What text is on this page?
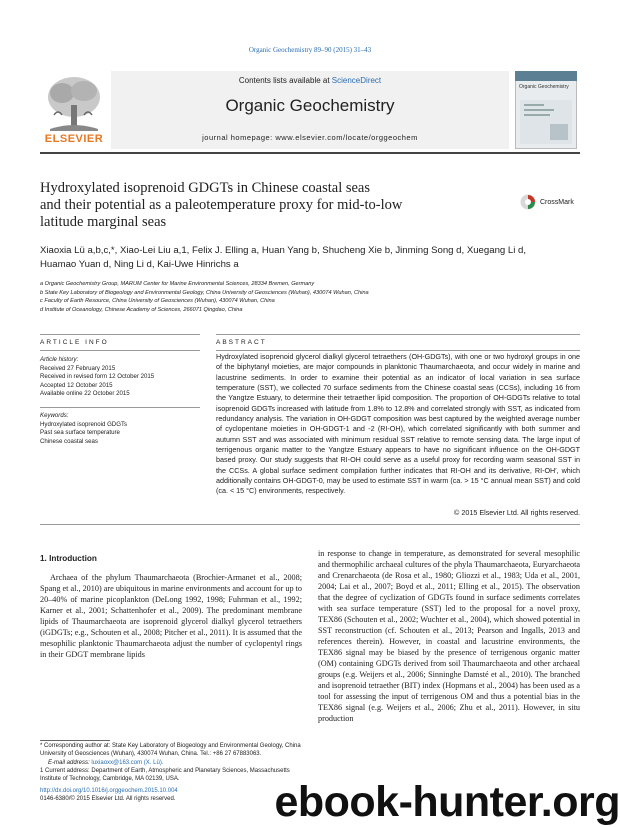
Organic Geochemistry 89–90 (2015) 31–43
Contents lists available at ScienceDirect
Organic Geochemistry
journal homepage: www.elsevier.com/locate/orggeochem
ELSEVIER
Organic Geochemistry
Hydroxylated isoprenoid GDGTs in Chinese coastal seas
and their potential as a paleotemperature proxy for mid-to-low
latitude marginal seas
CrossMark
Xiaoxia Lü a,b,c,*, Xiao-Lei Liu a,1, Felix J. Elling a, Huan Yang b, Shucheng Xie b, Jinming Song d, Xuegang Li d,
Huamao Yuan d, Ning Li d, Kai-Uwe Hinrichs a
a Organic Geochemistry Group, MARUM Center for Marine Environmental Sciences, 28334 Bremen, Germany
b State Key Laboratory of Biogeology and Environmental Geology, China University of Geosciences (Wuhan), 430074 Wuhan, China
c Faculty of Earth Resource, China University of Geosciences (Wuhan), 430074 Wuhan, China
d Institute of Oceanology, Chinese Academy of Sciences, 266071 Qingdao, China
ARTICLE INFO
Article history:
Received 27 February 2015
Received in revised form 12 October 2015
Accepted 12 October 2015
Available online 22 October 2015
Keywords:
Hydroxylated isoprenoid GDGTs
Past sea surface temperature
Chinese coastal seas
ABSTRACT
Hydroxylated isoprenoid glycerol dialkyl glycerol tetraethers (OH-GDGTs), with one or two hydroxyl groups in one of the biphytanyl moieties, are major compounds in planktonic Thaumarchaeota, and occur widely in marine and lacustrine sediments. In order to examine their potential as an indicator of local variation in sea surface temperature (SST), we collected 70 surface sediments from the Chinese coastal seas (CCSs), including 16 from the Yangtze Estuary, to determine their tetraether lipid composition. The proportion of OH-GDGTs relative to total isoprenoid GDGTs increased with latitude from 1.8% to 12.8% and correlated strongly with SST, as indicated from redundancy analysis. The variation in OH-GDGT composition was best captured by the weighted average number of cyclopentane moieties in OH-GDGT-1 and -2 (RI-OH), which correlated significantly with both summer and autumn SST and was associated with minimum residual SST relative to remote sensing data. The large input of terrigenous organic matter to the Yangtze Estuary appears to have no significant influence on the OH-GDGT based proxy. Our study suggests that RI-OH could serve as a useful proxy for recording warm seasonal SST in the CCSs. A global surface sediment compilation further indicates that RI-OH and its derivative, RI-OH′, which additionally contains OH-GDGT-0, may be used to estimate SST in warm (ca. > 15 °C annual mean SST) and cold (ca. < 15 °C) environments, respectively.
© 2015 Elsevier Ltd. All rights reserved.
1. Introduction
Archaea of the phylum Thaumarchaeota (Brochier-Armanet et al., 2008; Spang et al., 2010) are ubiquitous in marine environments and account for up to 20–40% of marine picoplankton (DeLong 1992, 1998; Fuhrman et al., 1992; Karner et al., 2001; Schattenhofer et al., 2009). The predominant membrane lipids of Thaumarchaeota are isoprenoid glycerol dialkyl glycerol tetraethers (iGDGTs; e.g., Schouten et al., 2008; Pitcher et al., 2011). It is assumed that the mesophilic planktonic Thaumarchaeota adjust the number of cyclopentyl rings in their GDGT membrane lipids
in response to change in temperature, as demonstrated for several mesophilic and thermophilic archaeal cultures of the phyla Thaumarchaeota, Euryarchaeota and Crenarchaeota (de Rosa et al., 1980; Gliozzi et al., 1983; Uda et al., 2001, 2004; Lai et al., 2007; Boyd et al., 2011; Elling et al., 2015). The observation that the degree of cyclization of GDGTs found in surface sediments correlates with sea surface temperature (SST) led to the proposal for a novel proxy, TEX86 (Schouten et al., 2002; Wuchter et al., 2004), which showed potential in SST reconstruction (cf. Schouten et al., 2013; Pearson and Ingalls, 2013 and references therein). However, in coastal and lacustrine environments, the TEX86 signal may be biased by the presence of terrigenous organic matter (OM) containing GDGTs derived from soil Thaumarchaeota and other archaeal groups (e.g. Weijers et al., 2006; Sinninghe Damsté et al., 2010). The branched and isoprenoid tetraether (BIT) index (Hopmans et al., 2004) has been used as a tool for assessing the input of terrigenous OM and thus a potential bias in the TEX86 signal (e.g. Weijers et al., 2006; Zhu et al., 2011). However, in situ production
* Corresponding author at: State Key Laboratory of Biogeology and Environmental Geology, China University of Geosciences (Wuhan), 430074 Wuhan, China. Tel.: +86 27 67883063.
E-mail address: luxiaoxx@163.com (X. Lü).
1 Current address: Department of Earth, Atmospheric and Planetary Sciences, Massachusetts Institute of Technology, Cambridge, MA 02139, USA.
http://dx.doi.org/10.1016/j.orggeochem.2015.10.004
0146-6380/© 2015 Elsevier Ltd. All rights reserved.	ebook-hunter.org
